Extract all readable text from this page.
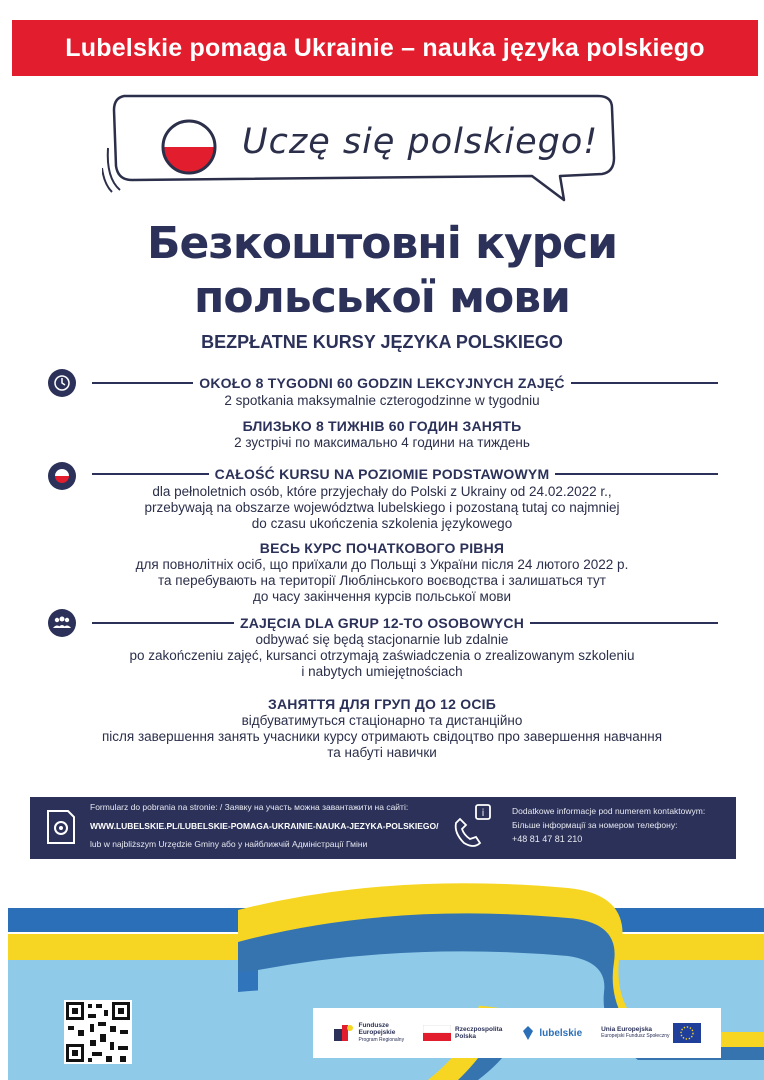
Lubelskie pomaga Ukrainie – nauka języka polskiego
Uczę się polskiego!
Безкоштовні курси
польської мови
BEZPŁATNE KURSY JĘZYKA POLSKIEGO
OKOŁO 8 TYGODNI 60 GODZIN LEKCYJNYCH ZAJĘĆ
2 spotkania maksymalnie czterogodzinne w tygodniu
БЛИЗЬКО 8 ТИЖНІВ 60 ГОДИН ЗАНЯТЬ
2 зустрічі по максимально 4 години на тиждень
CAŁOŚĆ KURSU NA POZIOMIE PODSTAWOWYM
dla pełnoletnich osób, które przyjechały do Polski z Ukrainy od 24.02.2022 r.,
przebywają na obszarze województwa lubelskiego i pozostaną tutaj co najmniej
do czasu ukończenia szkolenia językowego
ВЕСЬ КУРС ПОЧАТКОВОГО РІВНЯ
для повнолітніх осіб, що приїхали до Польщі з України після 24 лютого 2022 р.
та перебувають на території Люблінського воєводства і залишаться тут
до часу закінчення курсів польської мови
ZAJĘCIA DLA GRUP 12-TO OSOBOWYCH
odbywać się będą stacjonarnie lub zdalnie
po zakończeniu zajęć, kursanci otrzymają zaświadczenia o zrealizowanym szkoleniu
i nabytych umiejętnościach
ЗАНЯТТЯ ДЛЯ ГРУП ДО 12 ОСІБ
відбуватимуться стаціонарно та дистанційно
після завершення занять учасники курсу отримають свідоцтво про завершення навчання
та набуті навички
Formularz do pobrania na stronie: / Заявку на участь можна завантажити на сайті:
WWW.LUBELSKIE.PL/LUBELSKIE-POMAGA-UKRAINIE-NAUKA-JEZYKA-POLSKIEGO/
lub w najbliższym Urzędzie Gminy або у найближчій Адміністрації Гміни
i	Dodatkowe informacje pod numerem kontaktowym:
Більше інформації за номером телефону:
+48 81 47 81 210
Fundusze
Europejskie
Program Regionalny
Rzeczpospolita
Polska	lubelskie	Unia Europejska
Europejski Fundusz Społeczny
